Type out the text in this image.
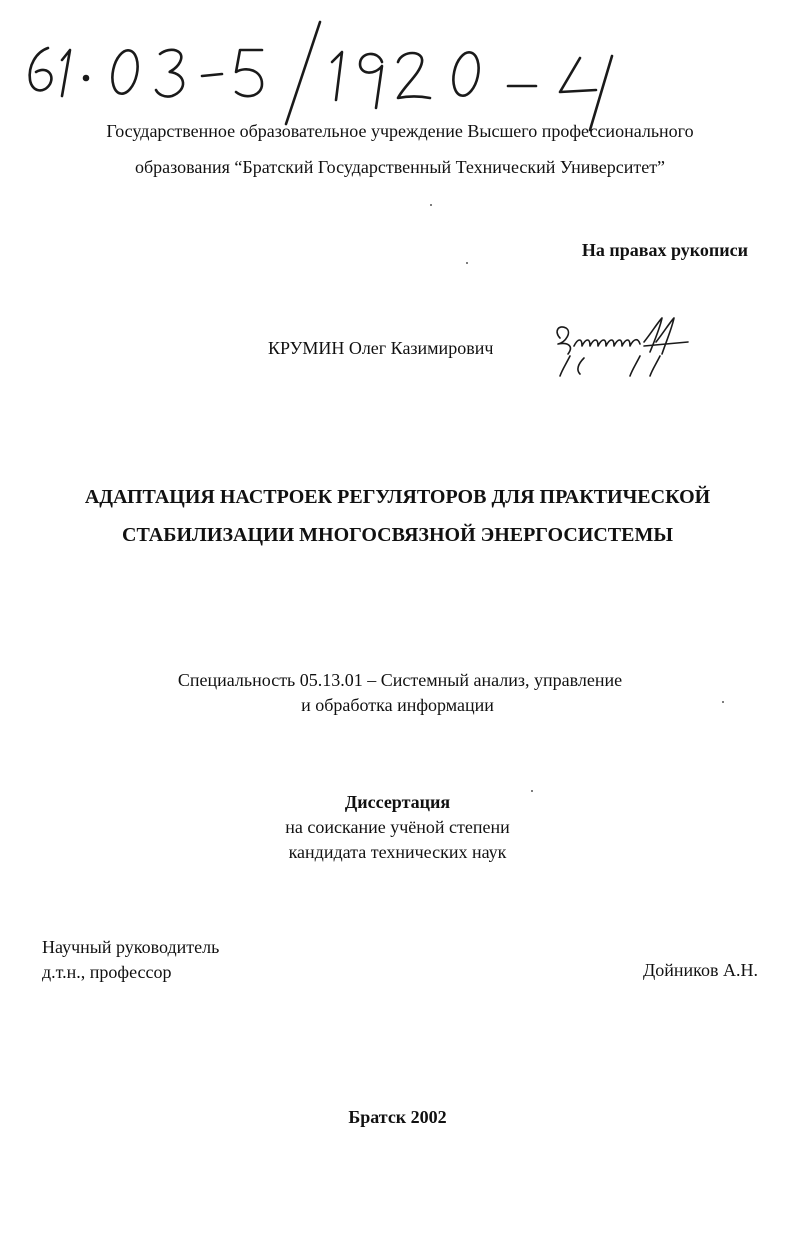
Государственное образовательное учреждение Высшего профессионального
образования “Братский Государственный Технический Университет”
На правах рукописи
КРУМИН Олег Казимирович
АДАПТАЦИЯ НАСТРОЕК РЕГУЛЯТОРОВ ДЛЯ ПРАКТИЧЕСКОЙ
СТАБИЛИЗАЦИИ МНОГОСВЯЗНОЙ ЭНЕРГОСИСТЕМЫ
Специальность 05.13.01 – Системный анализ, управление
и обработка информации
Диссертация
на соискание учёной степени
кандидата технических наук
Научный руководитель
д.т.н., профессор	Дойников А.Н.
Братск 2002
